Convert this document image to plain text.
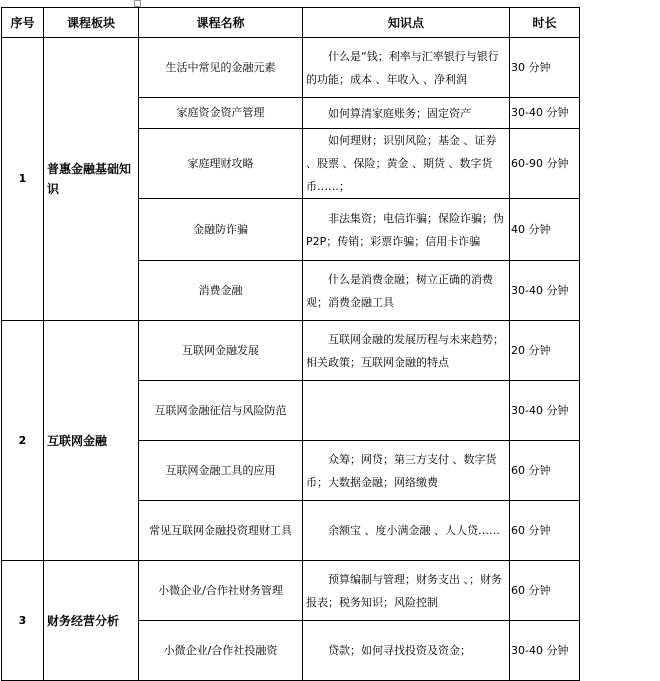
序号	课程板块	课程名称	知识点	时长
1	普惠金融基础知识	生活中常见的金融元素	什么是“钱；利率与汇率银行与银行的功能；成本 、年收入 、净利润	30 分钟
		家庭资金资产管理	如何算清家庭账务；固定资产	30-40 分钟
		家庭理财攻略	如何理财；识别风险；基金 、证券 、股票 、保险；黄金 、期货 、数字货币……；	60-90 分钟
		金融防诈骗	非法集资；电信诈骗；保险诈骗；伪 P2P；传销；彩票诈骗；信用卡诈骗	40 分钟
		消费金融	什么是消费金融；树立正确的消费观；消费金融工具	30-40 分钟
2	互联网金融	互联网金融发展	互联网金融的发展历程与未来趋势；相关政策；互联网金融的特点	20 分钟
		互联网金融征信与风险防范		30-40 分钟
		互联网金融工具的应用	众筹；网贷；第三方支付 、数字货币；大数据金融；网络缴费	60 分钟
		常见互联网金融投资理财工具	余额宝 、度小满金融 、人人贷……	60 分钟
3	财务经营分析	小微企业/合作社财务管理	预算编制与管理；财务支出 、；财务报表；税务知识；风险控制	60 分钟
		小微企业/合作社投融资	贷款；如何寻找投资及资金；	30-40 分钟
